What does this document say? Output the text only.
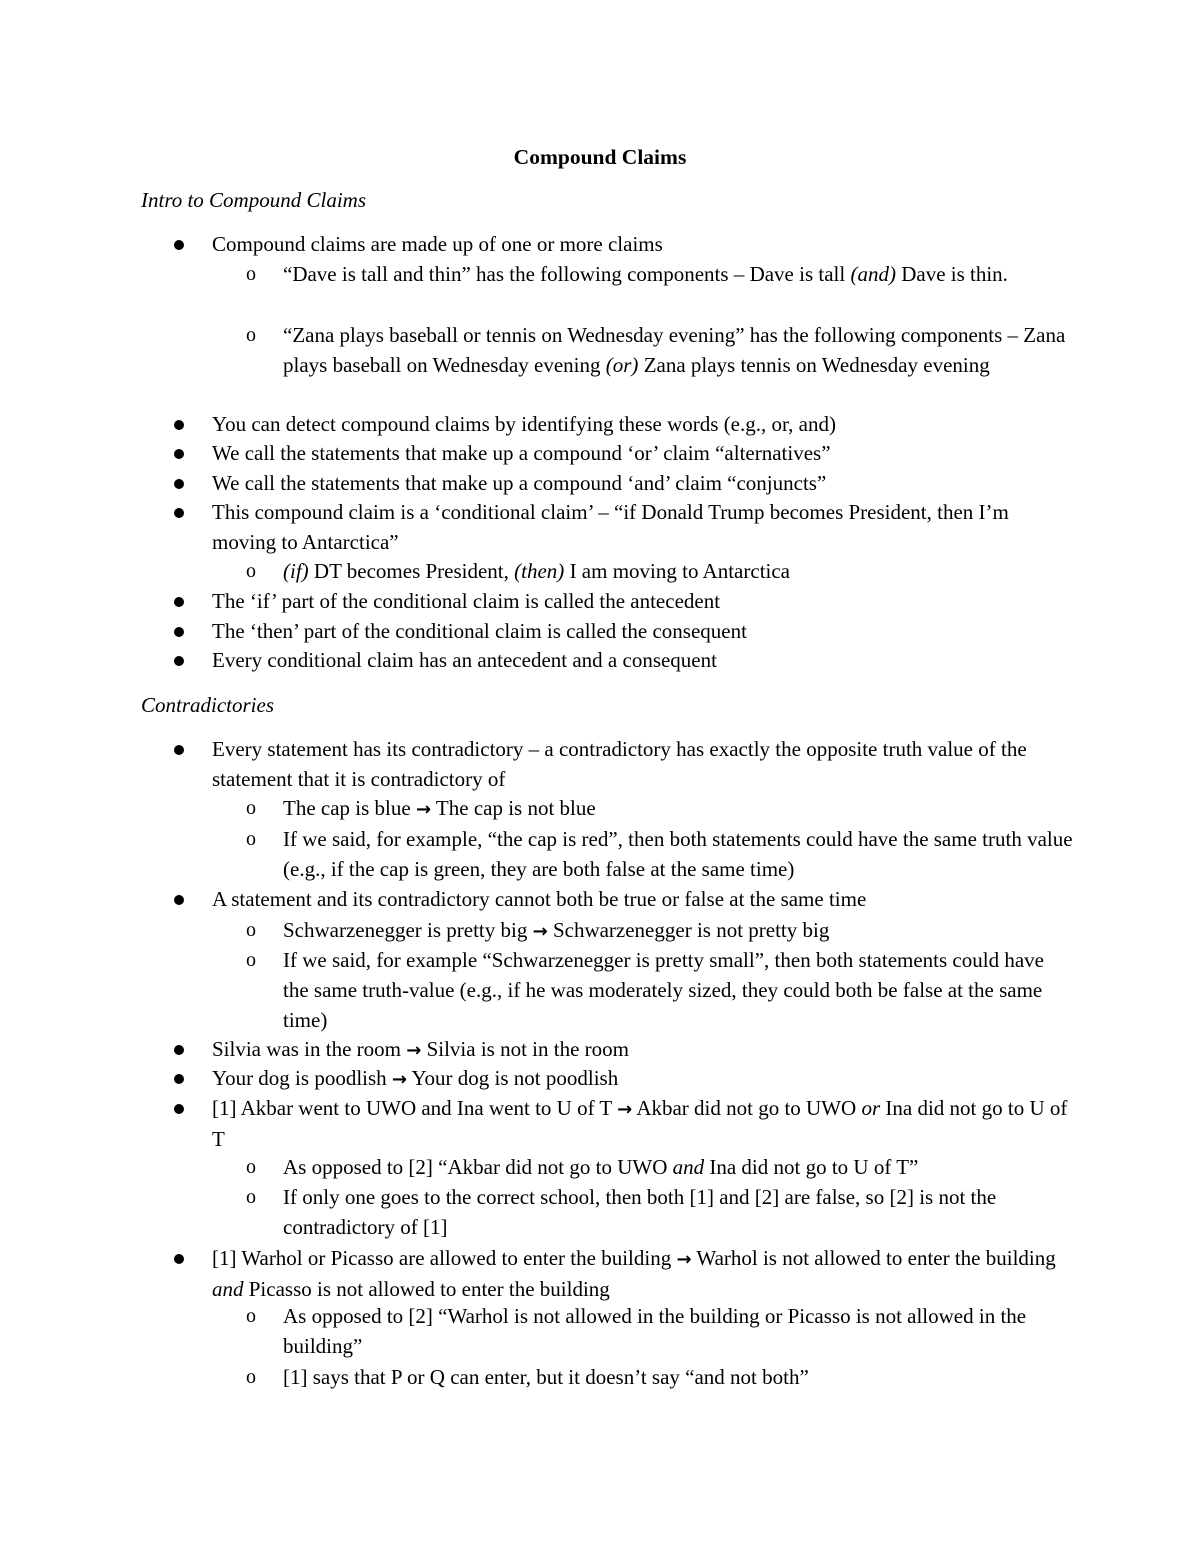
Compound Claims
Intro to Compound Claims
Compound claims are made up of one or more claims
o “Dave is tall and thin” has the following components – Dave is tall (and) Dave is thin.
o “Zana plays baseball or tennis on Wednesday evening” has the following components – Zana plays baseball on Wednesday evening (or) Zana plays tennis on Wednesday evening
You can detect compound claims by identifying these words (e.g., or, and)
We call the statements that make up a compound ‘or’ claim “alternatives”
We call the statements that make up a compound ‘and’ claim “conjuncts”
This compound claim is a ‘conditional claim’ – “if Donald Trump becomes President, then I’m moving to Antarctica”
o (if) DT becomes President, (then) I am moving to Antarctica
The ‘if’ part of the conditional claim is called the antecedent
The ‘then’ part of the conditional claim is called the consequent
Every conditional claim has an antecedent and a consequent
Contradictories
Every statement has its contradictory – a contradictory has exactly the opposite truth value of the statement that it is contradictory of
o The cap is blue → The cap is not blue
o If we said, for example, “the cap is red”, then both statements could have the same truth value (e.g., if the cap is green, they are both false at the same time)
A statement and its contradictory cannot both be true or false at the same time
o Schwarzenegger is pretty big → Schwarzenegger is not pretty big
o If we said, for example “Schwarzenegger is pretty small”, then both statements could have the same truth-value (e.g., if he was moderately sized, they could both be false at the same time)
Silvia was in the room → Silvia is not in the room
Your dog is poodlish → Your dog is not poodlish
[1] Akbar went to UWO and Ina went to U of T → Akbar did not go to UWO or Ina did not go to U of T
o As opposed to [2] “Akbar did not go to UWO and Ina did not go to U of T”
o If only one goes to the correct school, then both [1] and [2] are false, so [2] is not the contradictory of [1]
[1] Warhol or Picasso are allowed to enter the building → Warhol is not allowed to enter the building and Picasso is not allowed to enter the building
o As opposed to [2] “Warhol is not allowed in the building or Picasso is not allowed in the building”
o [1] says that P or Q can enter, but it doesn’t say “and not both”
